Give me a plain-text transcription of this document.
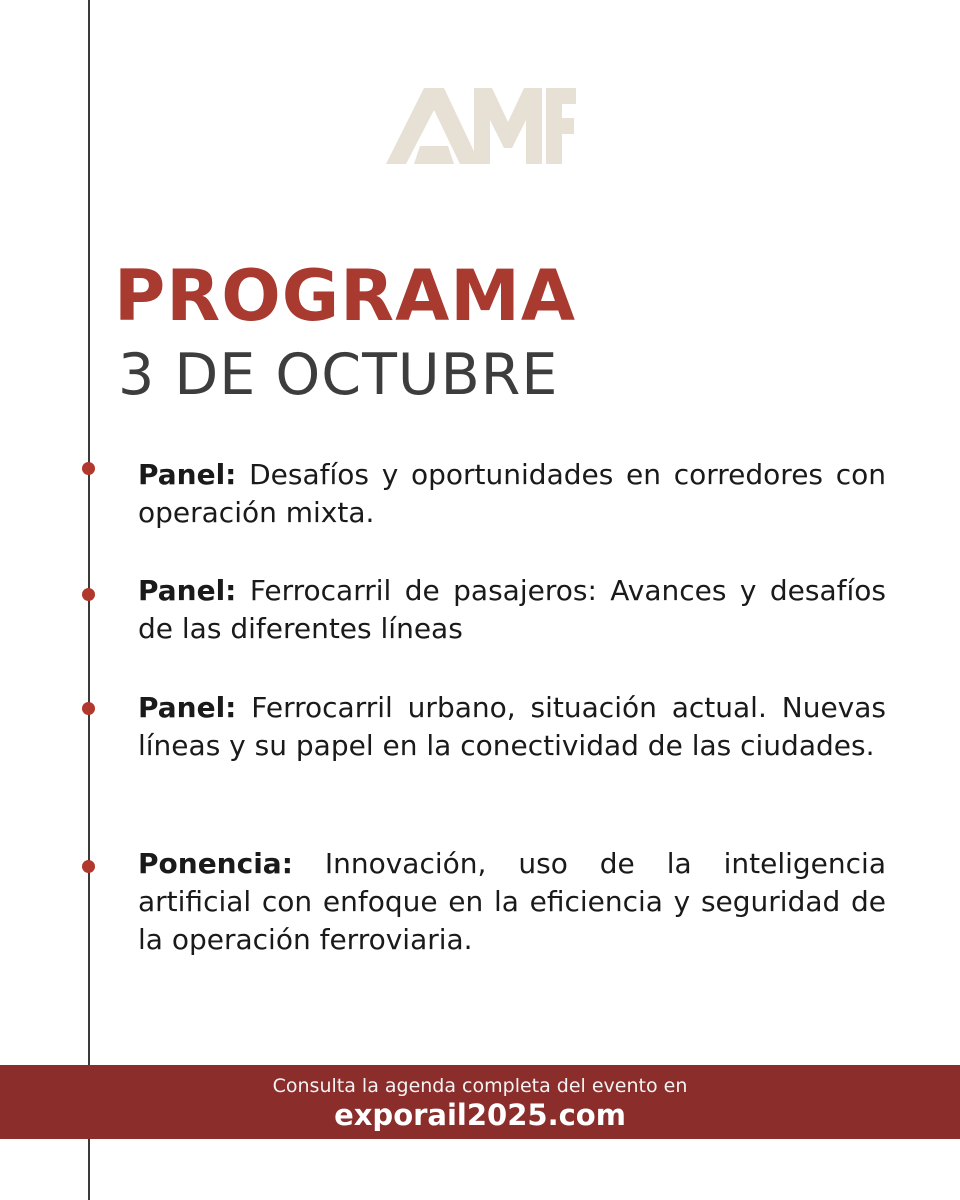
PROGRAMA
3 DE OCTUBRE

Panel: Desafíos y oportunidades en corredores con operación mixta.

Panel: Ferrocarril de pasajeros: Avances y desafíos de las diferentes líneas

Panel: Ferrocarril urbano, situación actual. Nuevas líneas y su papel en la conectividad de las ciudades.

Ponencia: Innovación, uso de la inteligencia artificial con enfoque en la eficiencia y seguridad de la operación ferroviaria.

Consulta la agenda completa del evento en
exporail2025.com
